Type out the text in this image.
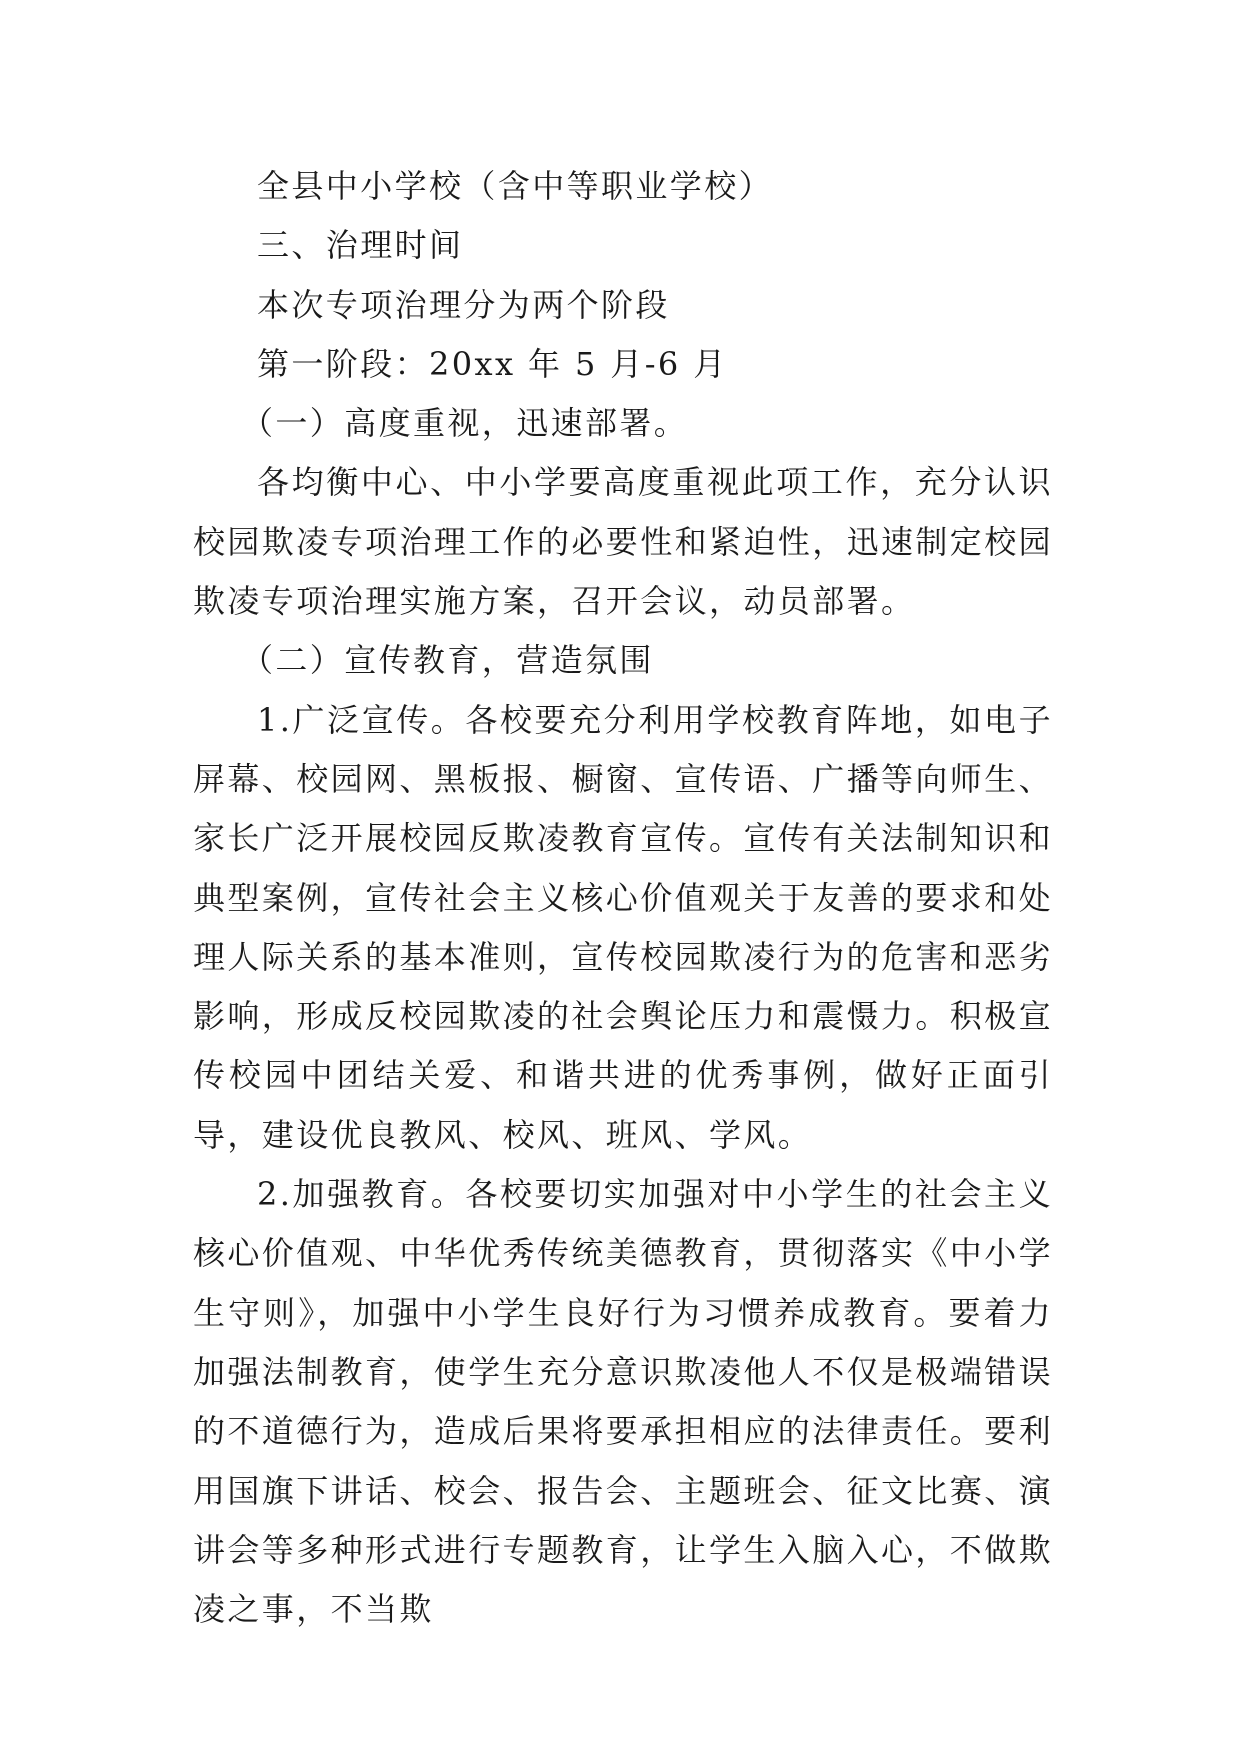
全县中小学校（含中等职业学校）

三、治理时间

本次专项治理分为两个阶段

第一阶段：20xx 年 5 月-6 月

（一）高度重视，迅速部署。

各均衡中心、中小学要高度重视此项工作，充分认识校园欺凌专项治理工作的必要性和紧迫性，迅速制定校园欺凌专项治理实施方案，召开会议，动员部署。

（二）宣传教育，营造氛围

1.广泛宣传。各校要充分利用学校教育阵地，如电子屏幕、校园网、黑板报、橱窗、宣传语、广播等向师生、家长广泛开展校园反欺凌教育宣传。宣传有关法制知识和典型案例，宣传社会主义核心价值观关于友善的要求和处理人际关系的基本准则，宣传校园欺凌行为的危害和恶劣影响，形成反校园欺凌的社会舆论压力和震慑力。积极宣传校园中团结关爱、和谐共进的优秀事例，做好正面引导，建设优良教风、校风、班风、学风。

2.加强教育。各校要切实加强对中小学生的社会主义核心价值观、中华优秀传统美德教育，贯彻落实《中小学生守则》，加强中小学生良好行为习惯养成教育。要着力加强法制教育，使学生充分意识欺凌他人不仅是极端错误的不道德行为，造成后果将要承担相应的法律责任。要利用国旗下讲话、校会、报告会、主题班会、征文比赛、演讲会等多种形式进行专题教育，让学生入脑入心，不做欺凌之事，不当欺
